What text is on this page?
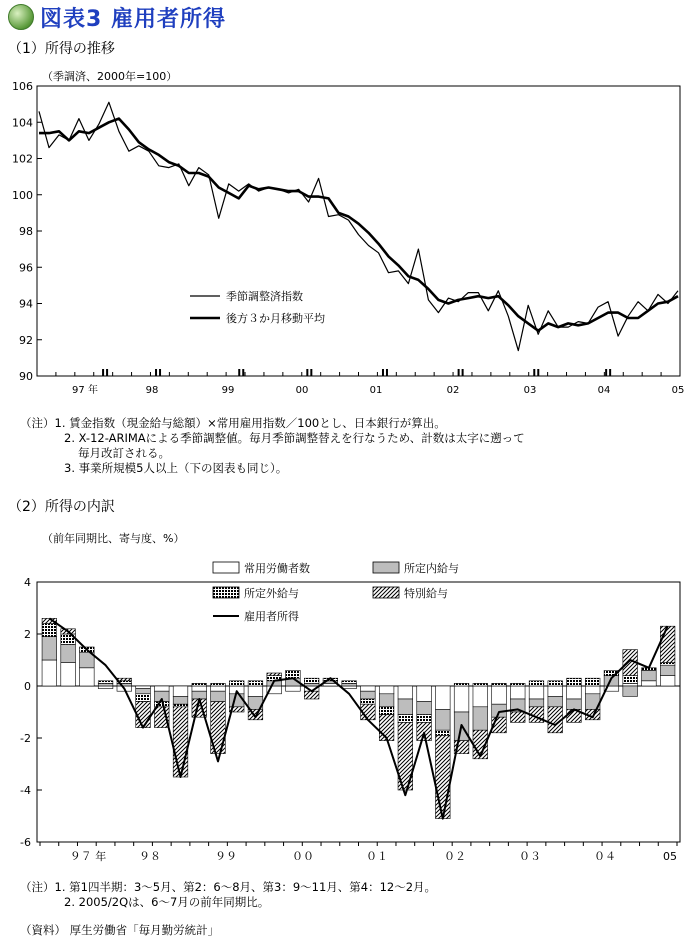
図表3 雇用者所得
（1）所得の推移
（季調済、2000年=100）
106
104
102
100
98
96
94
92
90
97 年	98	99	00	01	02	03	04	05
季節調整済指数
後方３か月移動平均
（注）1. 賃金指数（現金給与総額）×常用雇用指数／100とし、日本銀行が算出。
2. X-12-ARIMAによる季節調整値。毎月季節調整替えを行なうため、計数は太字に遡って
毎月改訂される。
3. 事業所規模5人以上（下の図表も同じ）。
（2）所得の内訳
（前年同期比、寄与度、%）
4
2
0
-2
-4
-6
９７ 年	９８	９９	００	０１	０２	０３	０４	05
常用労働者数	所定内給与
所定外給与	特別給与
雇用者所得
（注）1. 第1四半期：3～5月、第2：6～8月、第3：9～11月、第4：12～2月。
2. 2005/2Qは、6～7月の前年同期比。
（資料） 厚生労働省「毎月勤労統計」
